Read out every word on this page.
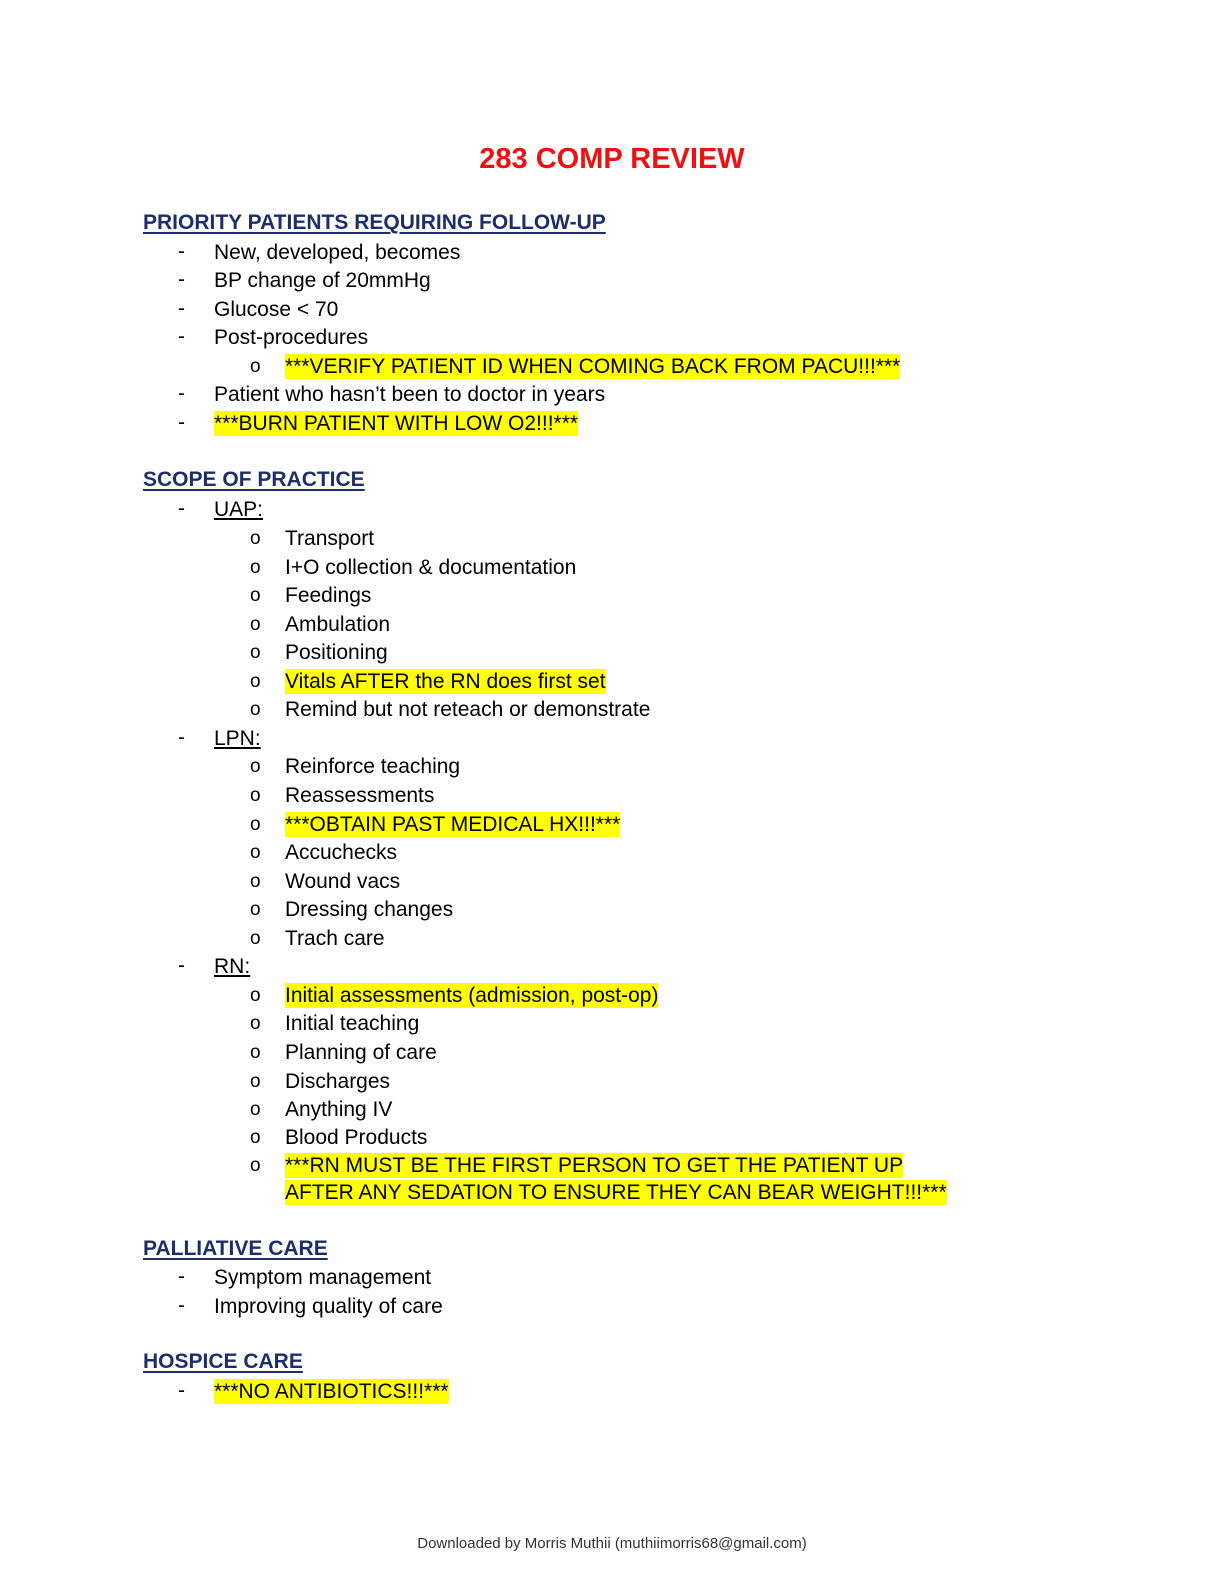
283 COMP REVIEW
PRIORITY PATIENTS REQUIRING FOLLOW-UP
- New, developed, becomes
- BP change of 20mmHg
- Glucose < 70
- Post-procedures
o ***VERIFY PATIENT ID WHEN COMING BACK FROM PACU!!!***
- Patient who hasn’t been to doctor in years
- ***BURN PATIENT WITH LOW O2!!!***
SCOPE OF PRACTICE
- UAP:
o Transport
o I+O collection & documentation
o Feedings
o Ambulation
o Positioning
o Vitals AFTER the RN does first set
o Remind but not reteach or demonstrate
- LPN:
o Reinforce teaching
o Reassessments
o ***OBTAIN PAST MEDICAL HX!!!***
o Accuchecks
o Wound vacs
o Dressing changes
o Trach care
- RN:
o Initial assessments (admission, post-op)
o Initial teaching
o Planning of care
o Discharges
o Anything IV
o Blood Products
o ***RN MUST BE THE FIRST PERSON TO GET THE PATIENT UP
AFTER ANY SEDATION TO ENSURE THEY CAN BEAR WEIGHT!!!***
PALLIATIVE CARE
- Symptom management
- Improving quality of care
HOSPICE CARE
- ***NO ANTIBIOTICS!!!***
Downloaded by Morris Muthii (muthiimorris68@gmail.com)
